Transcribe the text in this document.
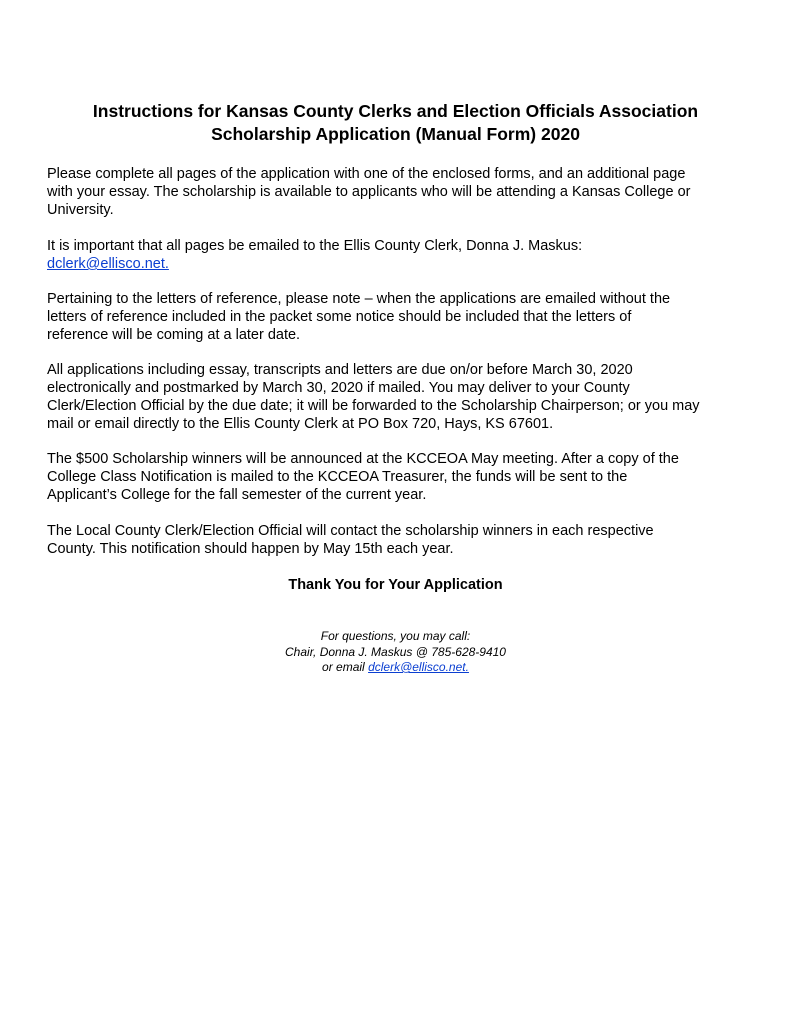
Instructions for Kansas County Clerks and Election Officials Association
Scholarship Application (Manual Form) 2020
Please complete all pages of the application with one of the enclosed forms, and an additional page
with your essay. The scholarship is available to applicants who will be attending a Kansas College or
University.
It is important that all pages be emailed to the Ellis County Clerk, Donna J. Maskus:
dclerk@ellisco.net.
Pertaining to the letters of reference, please note – when the applications are emailed without the
letters of reference included in the packet some notice should be included that the letters of
reference will be coming at a later date.
All applications including essay, transcripts and letters are due on/or before March 30, 2020
electronically and postmarked by March 30, 2020 if mailed. You may deliver to your County
Clerk/Election Official by the due date; it will be forwarded to the Scholarship Chairperson; or you may
mail or email directly to the Ellis County Clerk at PO Box 720, Hays, KS 67601.
The $500 Scholarship winners will be announced at the KCCEOA May meeting. After a copy of the
College Class Notification is mailed to the KCCEOA Treasurer, the funds will be sent to the
Applicant’s College for the fall semester of the current year.
The Local County Clerk/Election Official will contact the scholarship winners in each respective
County. This notification should happen by May 15th each year.
Thank You for Your Application
For questions, you may call:
Chair, Donna J. Maskus @ 785-628-9410
or email dclerk@ellisco.net.
